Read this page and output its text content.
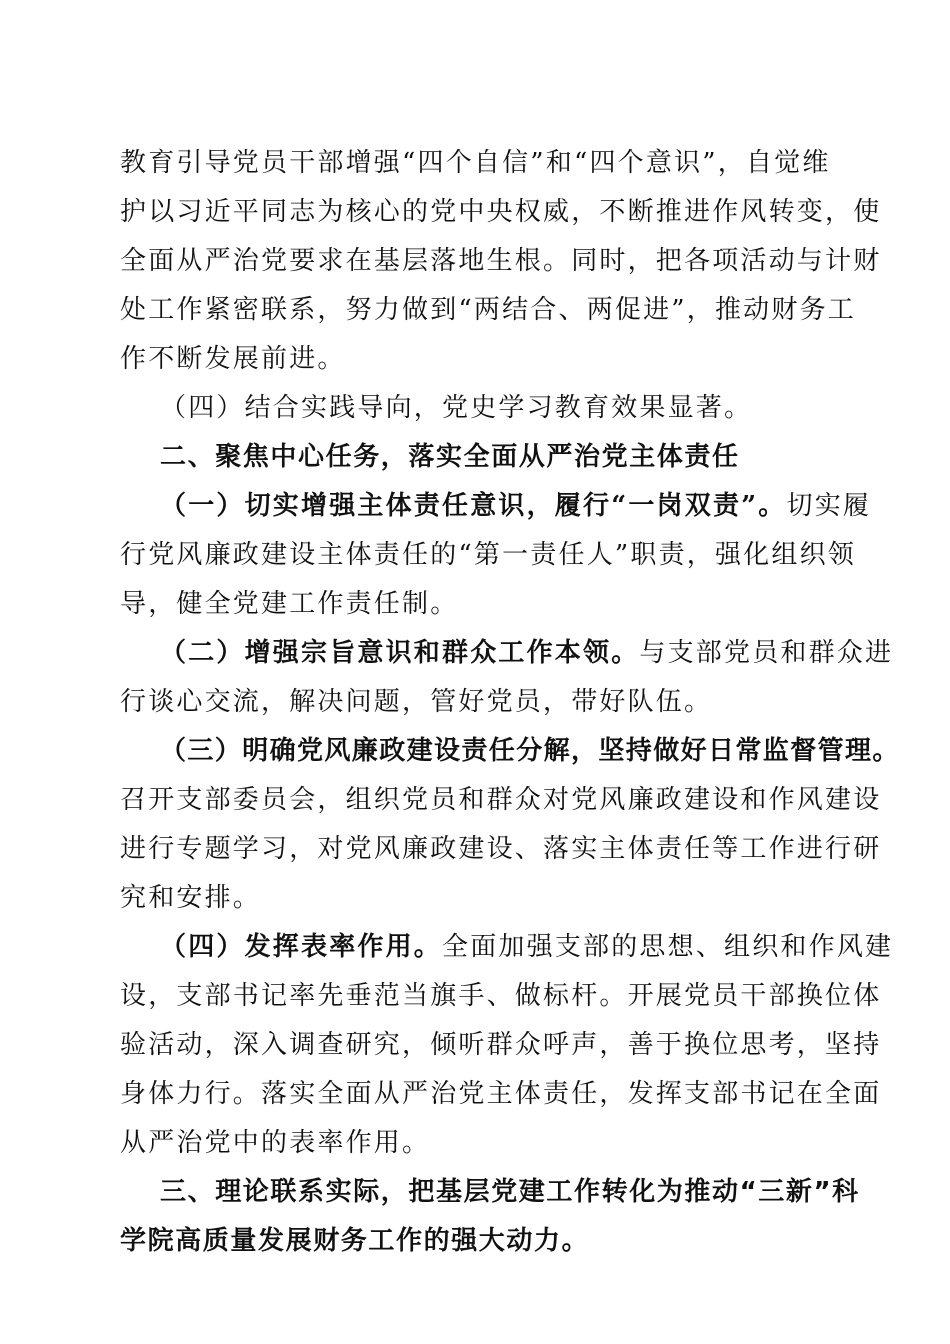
教育引导党员干部增强“四个自信”和“四个意识”，自觉维
护以习近平同志为核心的党中央权威，不断推进作风转变，使
全面从严治党要求在基层落地生根。同时，把各项活动与计财
处工作紧密联系，努力做到“两结合、两促进”，推动财务工
作不断发展前进。
（四）结合实践导向，党史学习教育效果显著。
二、聚焦中心任务，落实全面从严治党主体责任
（一）切实增强主体责任意识，履行“一岗双责”。切实履
行党风廉政建设主体责任的“第一责任人”职责，强化组织领
导，健全党建工作责任制。
（二）增强宗旨意识和群众工作本领。与支部党员和群众进
行谈心交流，解决问题，管好党员，带好队伍。
（三）明确党风廉政建设责任分解，坚持做好日常监督管理。
召开支部委员会，组织党员和群众对党风廉政建设和作风建设
进行专题学习，对党风廉政建设、落实主体责任等工作进行研
究和安排。
（四）发挥表率作用。全面加强支部的思想、组织和作风建
设，支部书记率先垂范当旗手、做标杆。开展党员干部换位体
验活动，深入调查研究，倾听群众呼声，善于换位思考，坚持
身体力行。落实全面从严治党主体责任，发挥支部书记在全面
从严治党中的表率作用。
三、理论联系实际，把基层党建工作转化为推动“三新”科
学院高质量发展财务工作的强大动力。
